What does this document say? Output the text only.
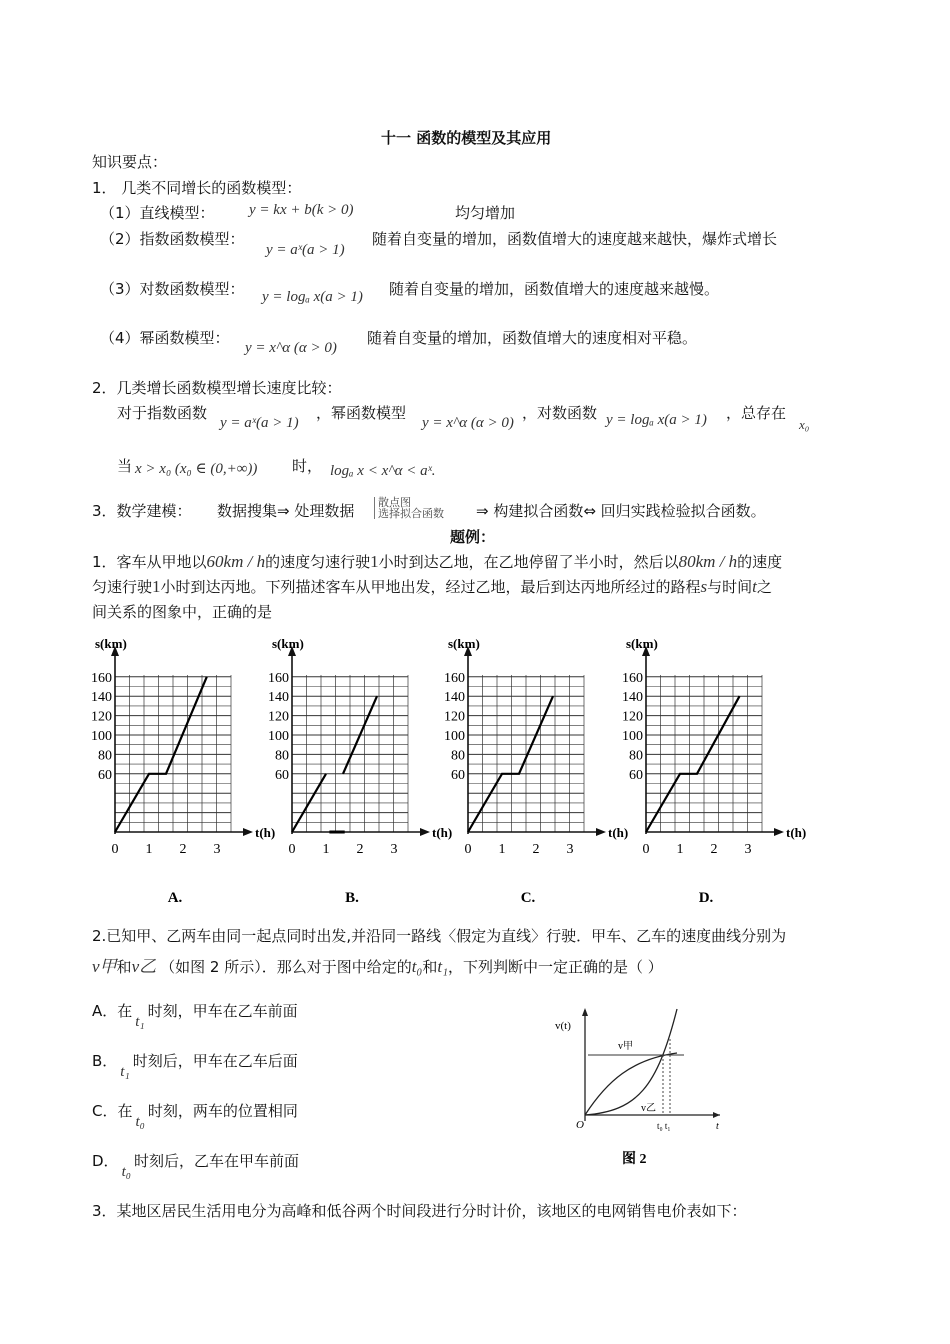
十一 函数的模型及其应用
知识要点：
1． 几类不同增长的函数模型：
（1）直线模型： y = kx + b(k > 0)	均匀增加
（2）指数函数模型：
y = aˣ(a > 1)
随着自变量的增加，函数值增大的速度越来越快，爆炸式增长
（3）对数函数模型： y = logₐ x(a > 1) 随着自变量的增加，函数值增大的速度越来越慢。
（4）幂函数模型：
y = x^α (α > 0)
随着自变量的增加，函数值增大的速度相对平稳。
2．几类增长函数模型增长速度比较：
对于指数函数
y = aˣ(a > 1)
，幂函数模型
y = x^α (α > 0)
，对数函数 y = logₐ x(a > 1) ，总存在
x₀
当 x > x₀ (x₀ ∈ (0,+∞)) 时， logₐ x < x^α < aˣ.
3．数学建模： 数据搜集⇒ 处理数据 散点图
选择拟合函数 ⇒ 构建拟合函数⇔ 回归实践检验拟合函数。
题例：
1．客车从甲地以60km / h的速度匀速行驶1小时到达乙地，在乙地停留了半小时，然后以80km / h的速度
匀速行驶1小时到达丙地。下列描述客车从甲地出发，经过乙地，最后到达丙地所经过的路程s与时间t之
间关系的图象中，正确的是
s(km)
t(h)
160
140
120
100
80
60
0 1 2 3
A.
s(km)
t(h)
160
140
120
100
80
60
0 1 2 3
B.
s(km)
t(h)
160
140
120
100
80
60
0 1 2 3
C.
s(km)
t(h)
160
140
120
100
80
60
0 1 2 3
D.
2.已知甲、乙两车由同一起点同时出发,并沿同一路线〈假定为直线〉行驶．甲车、乙车的速度曲线分别为
v甲和v乙 （如图 2 所示）．那么对于图中给定的t₀和t₁，下列判断中一定正确的是（ ）
A．在t₁时刻，甲车在乙车前面
B．t₁时刻后，甲车在乙车后面
C．在t₀时刻，两车的位置相同
D．t₀时刻后，乙车在甲车前面
v(t)
v甲
v乙
O	t₀ t₁	t
图 2
3．某地区居民生活用电分为高峰和低谷两个时间段进行分时计价，该地区的电网销售电价表如下：
